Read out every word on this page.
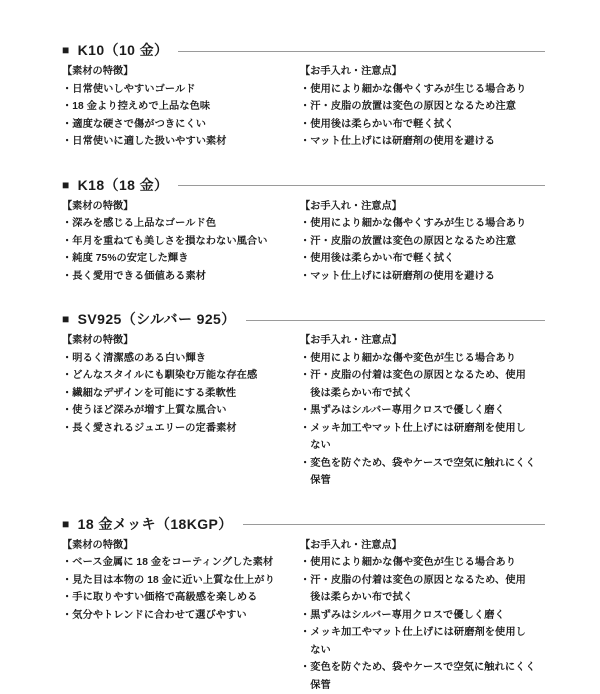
■ K10（10 金）
【素材の特徴】
・日常使いしやすいゴールド
・18 金より控えめで上品な色味
・適度な硬さで傷がつきにくい
・日常使いに適した扱いやすい素材
【お手入れ・注意点】
・使用により細かな傷やくすみが生じる場合あり
・汗・皮脂の放置は変色の原因となるため注意
・使用後は柔らかい布で軽く拭く
・マット仕上げには研磨剤の使用を避ける
■ K18（18 金）
【素材の特徴】
・深みを感じる上品なゴールド色
・年月を重ねても美しさを損なわない風合い
・純度 75%の安定した輝き
・長く愛用できる価値ある素材
【お手入れ・注意点】
・使用により細かな傷やくすみが生じる場合あり
・汗・皮脂の放置は変色の原因となるため注意
・使用後は柔らかい布で軽く拭く
・マット仕上げには研磨剤の使用を避ける
■ SV925（シルバー 925）
【素材の特徴】
・明るく清潔感のある白い輝き
・どんなスタイルにも馴染む万能な存在感
・繊細なデザインを可能にする柔軟性
・使うほど深みが増す上質な風合い
・長く愛されるジュエリーの定番素材
【お手入れ・注意点】
・使用により細かな傷や変色が生じる場合あり
・汗・皮脂の付着は変色の原因となるため、使用後は柔らかい布で拭く
・黒ずみはシルバー専用クロスで優しく磨く
・メッキ加工やマット仕上げには研磨剤を使用しない
・変色を防ぐため、袋やケースで空気に触れにくく保管
■ 18 金メッキ（18KGP）
【素材の特徴】
・ベース金属に 18 金をコーティングした素材
・見た目は本物の 18 金に近い上質な仕上がり
・手に取りやすい価格で高級感を楽しめる
・気分やトレンドに合わせて選びやすい
【お手入れ・注意点】
・使用により細かな傷や変色が生じる場合あり
・汗・皮脂の付着は変色の原因となるため、使用後は柔らかい布で拭く
・黒ずみはシルバー専用クロスで優しく磨く
・メッキ加工やマット仕上げには研磨剤を使用しない
・変色を防ぐため、袋やケースで空気に触れにくく保管
